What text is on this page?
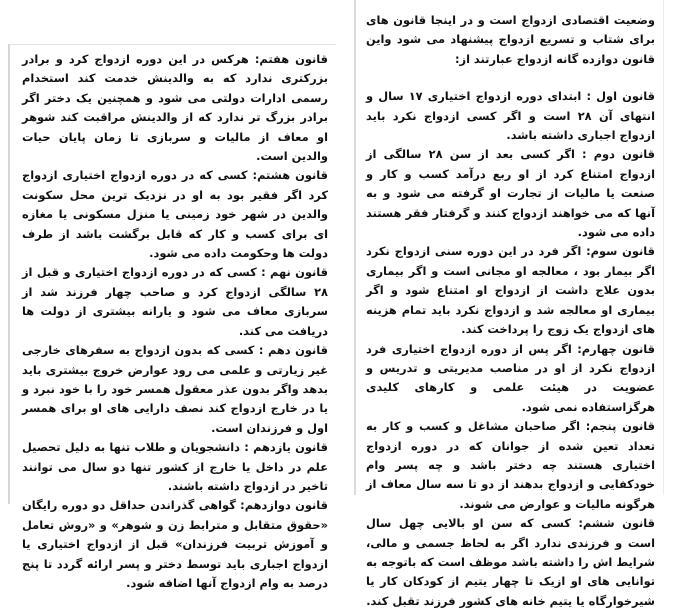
قانون هفتم: هرکس در این دوره ازدواج کرد و برادر بزرکتری ندارد که به والدینش خدمت کند استخدام رسمی ادارات دولتی می شود و همچنین یک دختر اگر برادر بزرگ تر ندارد که از والدینش مراقبت کند شوهر او معاف از مالیات و سربازی تا زمان پایان حیات والدین است.

قانون هشتم: کسی که در دوره ازدواج اختیاری ازدواج کرد اگر فقیر بود به او در نزدیک ترین محل سکونت والدین در شهر خود زمینی یا منزل مسکونی یا مغازه ای برای کسب و کار که قابل برگشت باشد از طرف دولت ها وحکومت داده می شود.

قانون نهم : کسی که در دوره ازدواج اختیاری و قبل از ۲۸ سالگی ازدواج کرد و صاحب چهار فرزند شد از سربازی معاف می شود و یارانه بیشتری از دولت ها دریافت می کند.

قانون دهم : کسی که بدون ازدواج به سفرهای خارجی غیر زیارتی و علمی می رود عوارض خروج بیشتری باید بدهد واگر بدون عذر معقول همسر خود را با خود نبرد و یا در خارج ازدواج کند نصف دارایی های او برای همسر اول و فرزندان است.

قانون یازدهم : دانشجویان و طلاب تنها به دلیل تحصیل علم در داخل یا خارج از کشور تنها دو سال می توانند تاخیر در ازدواج داشته باشند.

قانون دوازدهم: گواهی گذراندن حداقل دو دوره رایگان «حقوق متقابل و مترابط زن و شوهر» و «روش تعامل و آموزش تربیت فرزندان» قبل از ازدواج اختیاری یا ازدواج اجباری باید توسط دختر و پسر ارائه گردد تا پنج درصد به وام ازدواج آنها اضافه شود.

وضعیت اقتصادی ازدواج است و در اینجا قانون های برای شتاب و تسریع ازدواج پیشنهاد می شود واین قانون دوازده گانه ازدواج عبارتند از:

قانون اول : ابتدای دوره ازدواج اختیاری ۱۷ سال و انتهای آن ۲۸ است و اگر کسی ازدواج نکرد باید ازدواج اجباری داشته باشد.

قانون دوم : اگر کسی بعد از سن ۲۸ سالگی از ازدواج امتناع کرد از او ربع درآمد کسب و کار و صنعت یا مالیات از تجارت او گرفته می شود و به آنها که می خواهند ازدواج کنند و گرفتار فقر هستند داده می شود.

قانون سوم: اگر فرد در این دوره سنی ازدواج نکرد اگر بیمار بود ، معالجه او مجانی است و اگر بیماری بدون علاج داشت از ازدواج او امتناع شود و اگر بیماری او معالجه شد و ازدواج نکرد باید تمام هزینه های ازدواج یک زوج را پرداخت کند.

قانون چهارم: اگر پس از دوره ازدواج اختیاری فرد ازدواج نکرد از او در مناصب مدیریتی و تدریس و عضویت در هیئت علمی و کارهای کلیدی هرگزاستفاده نمی شود.

قانون پنجم: اگر صاحبان مشاغل و کسب و کار به تعداد تعین شده از جوانان که در دوره ازدواج اختیاری هستند چه دختر باشد و چه پسر وام خودکفایی و ازدواج بدهند از دو تا سه سال معاف از هرگونه مالیات و عوارض می شوند.

قانون ششم: کسی که سن او بالایی چهل سال است و فرزندی ندارد اگر به لحاظ جسمی و مالی، شرایط اش را داشته باشد موظف است که باتوجه به توانایی های او ازیک تا چهار یتیم از کودکان کار یا شیرخوارگاه یا یتیم خانه های کشور فرزند تقبل کند.
